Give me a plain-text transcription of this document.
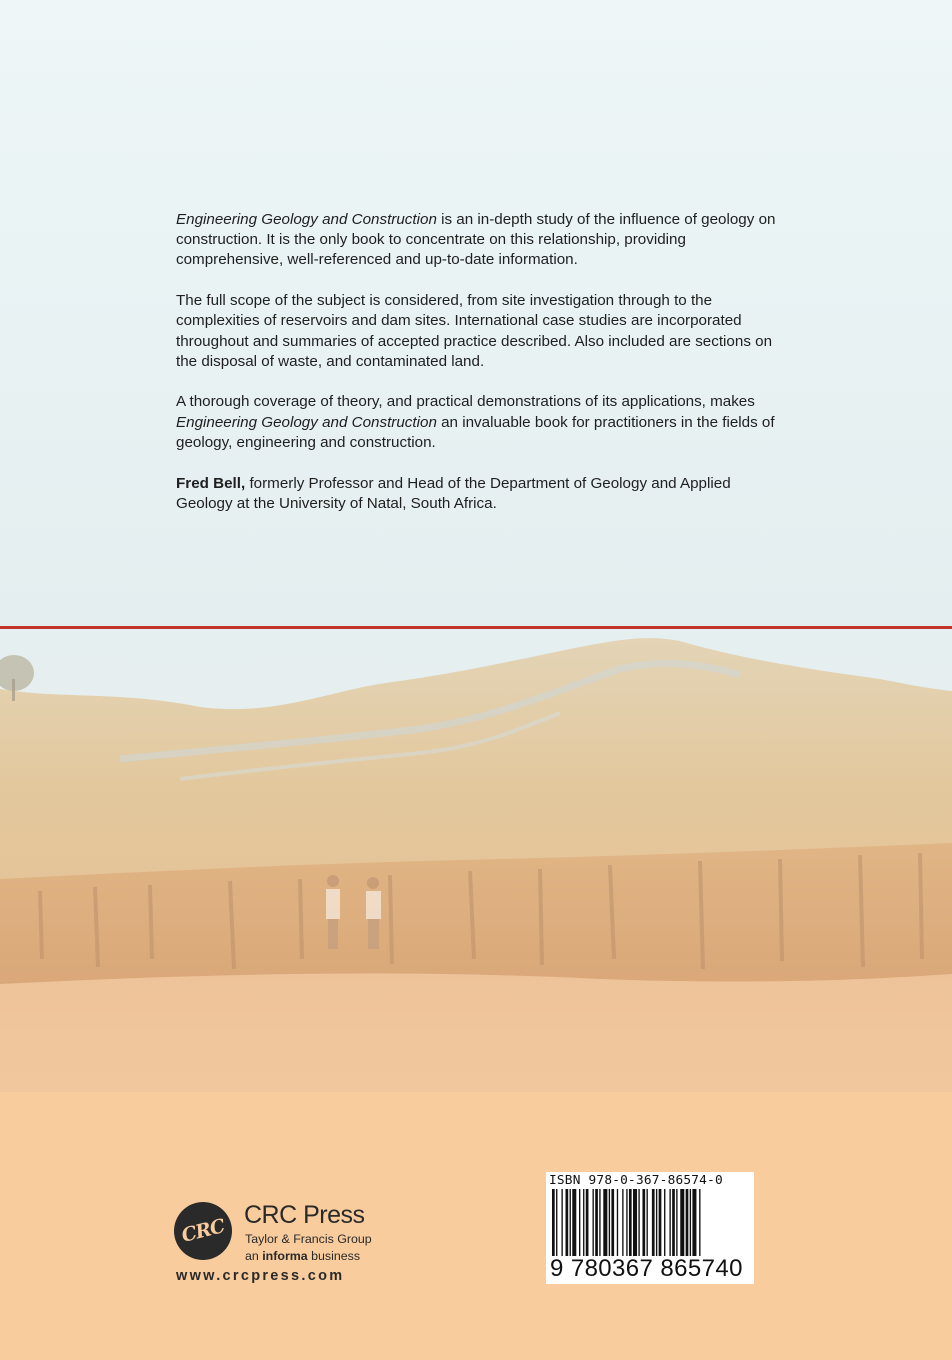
Engineering Geology and Construction is an in-depth study of the influence of geology on construction. It is the only book to concentrate on this relationship, providing comprehensive, well-referenced and up-to-date information.

The full scope of the subject is considered, from site investigation through to the complexities of reservoirs and dam sites. International case studies are incorporated throughout and summaries of accepted practice described. Also included are sections on the disposal of waste, and contaminated land.

A thorough coverage of theory, and practical demonstrations of its applications, makes Engineering Geology and Construction an invaluable book for practitioners in the fields of geology, engineering and construction.

Fred Bell, formerly Professor and Head of the Department of Geology and Applied Geology at the University of Natal, South Africa.

CRC
CRC Press
Taylor & Francis Group
an informa business
www.crcpress.com
ISBN 978-0-367-86574-0
9 780367 865740
